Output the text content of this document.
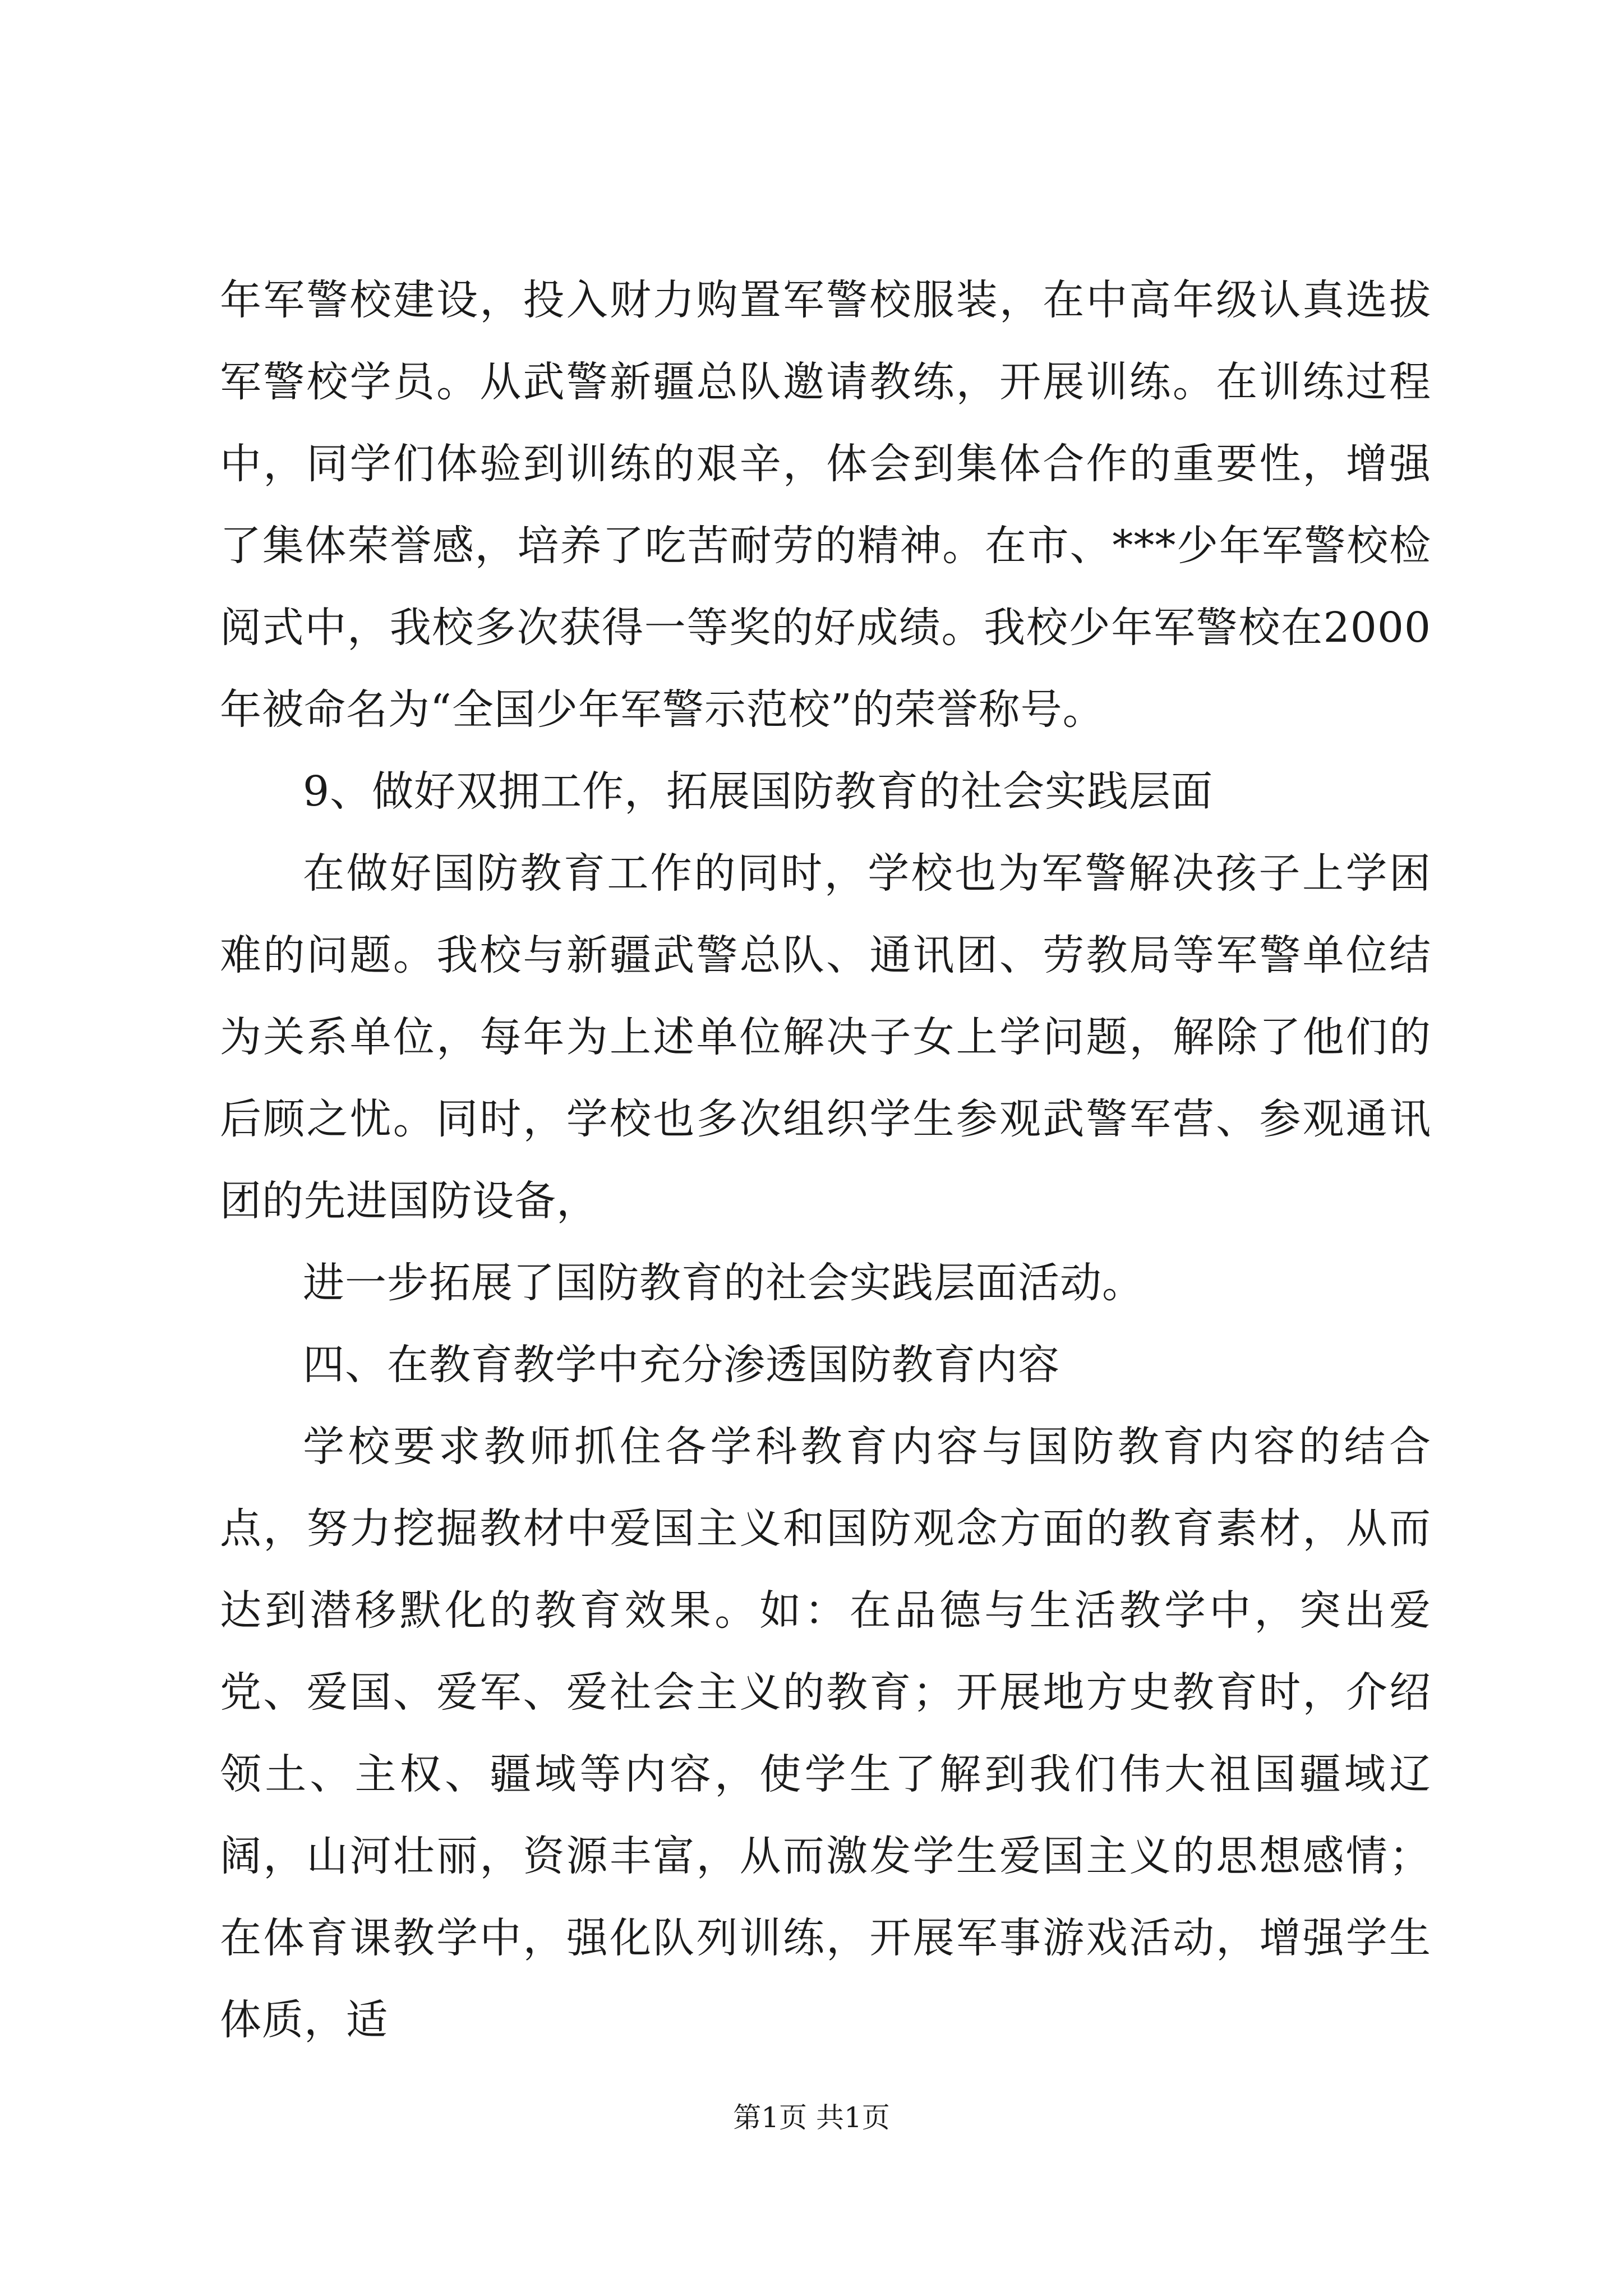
年军警校建设，投入财力购置军警校服装，在中高年级认真选拔军警校学员。从武警新疆总队邀请教练，开展训练。在训练过程中，同学们体验到训练的艰辛，体会到集体合作的重要性，增强了集体荣誉感，培养了吃苦耐劳的精神。在市、***少年军警校检阅式中，我校多次获得一等奖的好成绩。我校少年军警校在2000年被命名为“全国少年军警示范校”的荣誉称号。

9、做好双拥工作，拓展国防教育的社会实践层面

在做好国防教育工作的同时，学校也为军警解决孩子上学困难的问题。我校与新疆武警总队、通讯团、劳教局等军警单位结为关系单位，每年为上述单位解决子女上学问题，解除了他们的后顾之忧。同时，学校也多次组织学生参观武警军营、参观通讯团的先进国防设备，

进一步拓展了国防教育的社会实践层面活动。

四、在教育教学中充分渗透国防教育内容

学校要求教师抓住各学科教育内容与国防教育内容的结合点，努力挖掘教材中爱国主义和国防观念方面的教育素材，从而达到潜移默化的教育效果。如：在品德与生活教学中，突出爱党、爱国、爱军、爱社会主义的教育；开展地方史教育时，介绍领土、主权、疆域等内容，使学生了解到我们伟大祖国疆域辽阔，山河壮丽，资源丰富，从而激发学生爱国主义的思想感情；在体育课教学中，强化队列训练，开展军事游戏活动，增强学生体质，适

第1页 共1页
